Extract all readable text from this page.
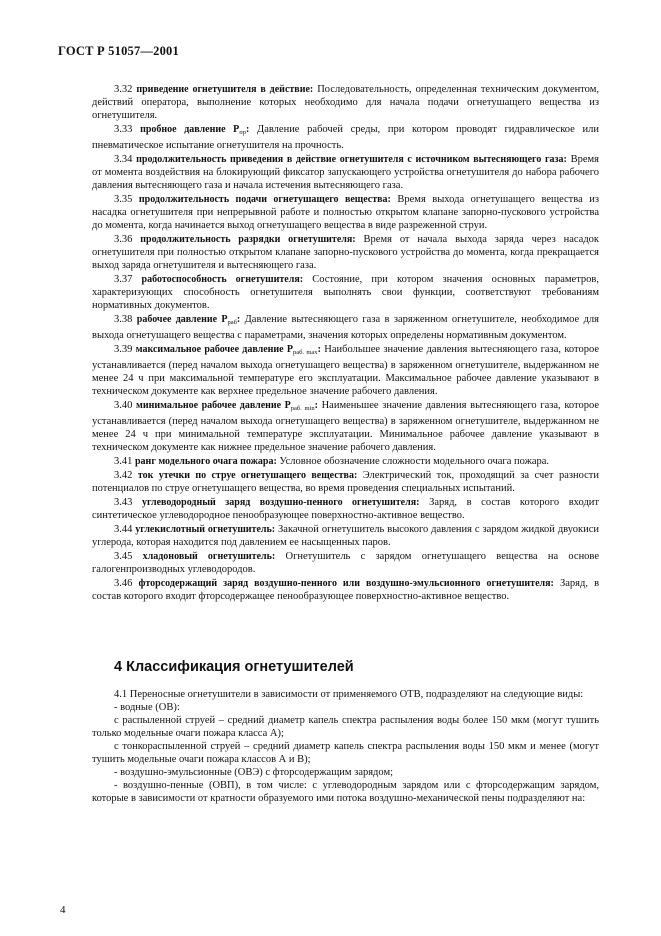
ГОСТ Р 51057—2001

3.32 приведение огнетушителя в действие: Последовательность, определенная техническим документом, действий оператора, выполнение которых необходимо для начала подачи огнетушащего вещества из огнетушителя.

3.33 пробное давление $P_{пр}$: Давление рабочей среды, при котором проводят гидравлическое или пневматическое испытание огнетушителя на прочность.

3.34 продолжительность приведения в действие огнетушителя с источником вытесняющего газа: Время от момента воздействия на блокирующий фиксатор запускающего устройства огнетушителя до набора рабочего давления вытесняющего газа и начала истечения вытесняющего газа.

3.35 продолжительность подачи огнетушащего вещества: Время выхода огнетушащего вещества из насадка огнетушителя при непрерывной работе и полностью открытом клапане запорно-пускового устройства до момента, когда начинается выход огнетушащего вещества в виде разреженной струи.

3.36 продолжительность разрядки огнетушителя: Время от начала выхода заряда через насадок огнетушителя при полностью открытом клапане запорно-пускового устройства до момента, когда прекращается выход заряда огнетушителя и вытесняющего газа.

3.37 работоспособность огнетушителя: Состояние, при котором значения основных параметров, характеризующих способность огнетушителя выполнять свои функции, соответствуют требованиям нормативных документов.

3.38 рабочее давление $P_{раб}$: Давление вытесняющего газа в заряженном огнетушителе, необходимое для выхода огнетушащего вещества с параметрами, значения которых определены нормативным документом.

3.39 максимальное рабочее давление $P_{раб. max}$: Наибольшее значение давления вытесняющего газа, которое устанавливается (перед началом выхода огнетушащего вещества) в заряженном огнетушителе, выдержанном не менее 24 ч при максимальной температуре его эксплуатации. Максимальное рабочее давление указывают в техническом документе как верхнее предельное значение рабочего давления.

3.40 минимальное рабочее давление $P_{раб. min}$: Наименьшее значение давления вытесняющего газа, которое устанавливается (перед началом выхода огнетушащего вещества) в заряженном огнетушителе, выдержанном не менее 24 ч при минимальной температуре эксплуатации. Минимальное рабочее давление указывают в техническом документе как нижнее предельное значение рабочего давления.

3.41 ранг модельного очага пожара: Условное обозначение сложности модельного очага пожара.

3.42 ток утечки по струе огнетушащего вещества: Электрический ток, проходящий за счет разности потенциалов по струе огнетушащего вещества, во время проведения специальных испытаний.

3.43 углеводородный заряд воздушно-пенного огнетушителя: Заряд, в состав которого входит синтетическое углеводородное пенообразующее поверхностно-активное вещество.

3.44 углекислотный огнетушитель: Закачной огнетушитель высокого давления с зарядом жидкой двуокиси углерода, которая находится под давлением ее насыщенных паров.

3.45 хладоновый огнетушитель: Огнетушитель с зарядом огнетушащего вещества на основе галогенпроизводных углеводородов.

3.46 фторсодержащий заряд воздушно-пенного или воздушно-эмульсионного огнетушителя: Заряд, в состав которого входит фторсодержащее пенообразующее поверхностно-активное вещество.

4 Классификация огнетушителей

4.1 Переносные огнетушители в зависимости от применяемого ОТВ, подразделяют на следующие виды:

- водные (ОВ):

с распыленной струей – средний диаметр капель спектра распыления воды более 150 мкм (могут тушить только модельные очаги пожара класса А);

с тонкораспыленной струей – средний диаметр капель спектра распыления воды 150 мкм и менее (могут тушить модельные очаги пожара классов А и В);

- воздушно-эмульсионные (ОВЭ) с фторсодержащим зарядом;

- воздушно-пенные (ОВП), в том числе: с углеводородным зарядом или с фторсодержащим зарядом, которые в зависимости от кратности образуемого ими потока воздушно-механической пены подразделяют на:

4
